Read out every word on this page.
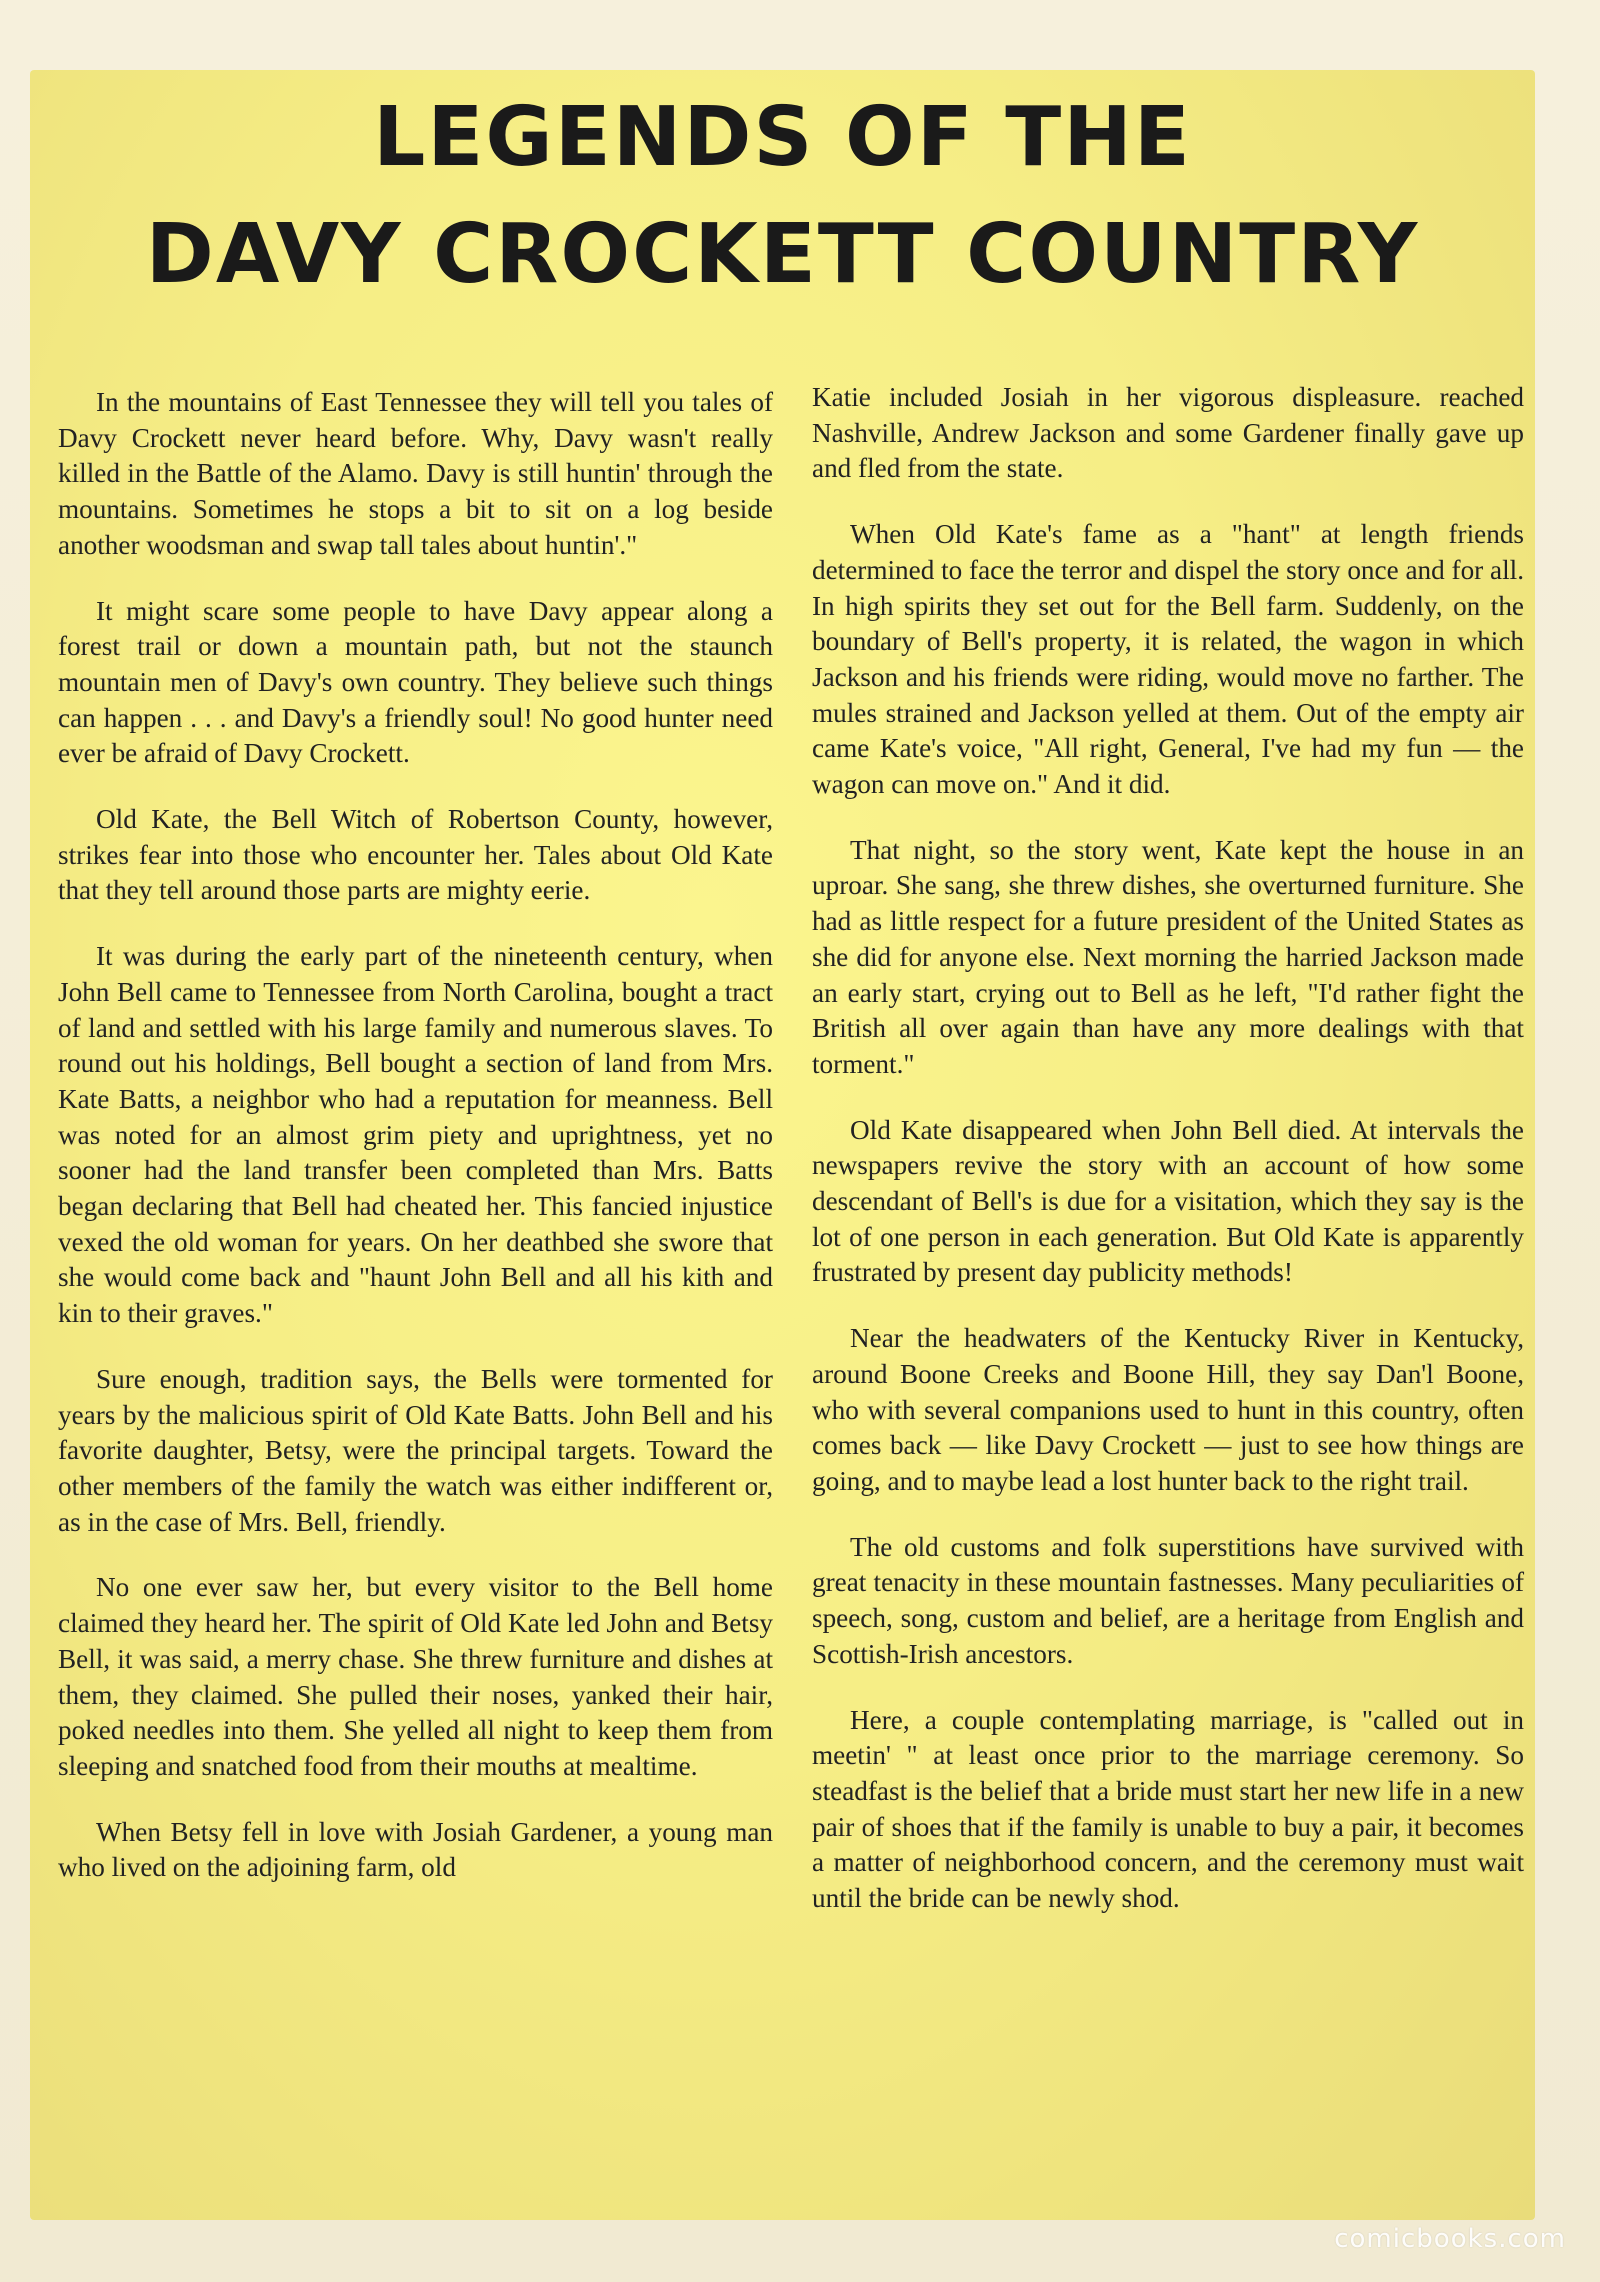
LEGENDS OF THE
DAVY CROCKETT COUNTRY

In the mountains of East Tennessee they will tell you tales of Davy Crockett never heard before. Why, Davy wasn't really killed in the Battle of the Alamo. Davy is still huntin' through the mountains. Sometimes he stops a bit to sit on a log beside another woodsman and swap tall tales about huntin'."

It might scare some people to have Davy appear along a forest trail or down a mountain path, but not the staunch mountain men of Davy's own country. They believe such things can happen . . . and Davy's a friendly soul! No good hunter need ever be afraid of Davy Crockett.

Old Kate, the Bell Witch of Robertson County, however, strikes fear into those who encounter her. Tales about Old Kate that they tell around those parts are mighty eerie.

It was during the early part of the nineteenth century, when John Bell came to Tennessee from North Carolina, bought a tract of land and settled with his large family and numerous slaves. To round out his holdings, Bell bought a section of land from Mrs. Kate Batts, a neighbor who had a reputation for meanness. Bell was noted for an almost grim piety and uprightness, yet no sooner had the land transfer been completed than Mrs. Batts began declaring that Bell had cheated her. This fancied injustice vexed the old woman for years. On her deathbed she swore that she would come back and "haunt John Bell and all his kith and kin to their graves."

Sure enough, tradition says, the Bells were tormented for years by the malicious spirit of Old Kate Batts. John Bell and his favorite daughter, Betsy, were the principal targets. Toward the other members of the family the watch was either indifferent or, as in the case of Mrs. Bell, friendly.

No one ever saw her, but every visitor to the Bell home claimed they heard her. The spirit of Old Kate led John and Betsy Bell, it was said, a merry chase. She threw furniture and dishes at them, they claimed. She pulled their noses, yanked their hair, poked needles into them. She yelled all night to keep them from sleeping and snatched food from their mouths at mealtime.

When Betsy fell in love with Josiah Gardener, a young man who lived on the adjoining farm, old

Katie included Josiah in her vigorous displeasure. reached Nashville, Andrew Jackson and some Gardener finally gave up and fled from the state.

When Old Kate's fame as a "hant" at length friends determined to face the terror and dispel the story once and for all. In high spirits they set out for the Bell farm. Suddenly, on the boundary of Bell's property, it is related, the wagon in which Jackson and his friends were riding, would move no farther. The mules strained and Jackson yelled at them. Out of the empty air came Kate's voice, "All right, General, I've had my fun — the wagon can move on." And it did.

That night, so the story went, Kate kept the house in an uproar. She sang, she threw dishes, she overturned furniture. She had as little respect for a future president of the United States as she did for anyone else. Next morning the harried Jackson made an early start, crying out to Bell as he left, "I'd rather fight the British all over again than have any more dealings with that torment."

Old Kate disappeared when John Bell died. At intervals the newspapers revive the story with an account of how some descendant of Bell's is due for a visitation, which they say is the lot of one person in each generation. But Old Kate is apparently frustrated by present day publicity methods!

Near the headwaters of the Kentucky River in Kentucky, around Boone Creeks and Boone Hill, they say Dan'l Boone, who with several companions used to hunt in this country, often comes back — like Davy Crockett — just to see how things are going, and to maybe lead a lost hunter back to the right trail.

The old customs and folk superstitions have survived with great tenacity in these mountain fastnesses. Many peculiarities of speech, song, custom and belief, are a heritage from English and Scottish-Irish ancestors.

Here, a couple contemplating marriage, is "called out in meetin' " at least once prior to the marriage ceremony. So steadfast is the belief that a bride must start her new life in a new pair of shoes that if the family is unable to buy a pair, it becomes a matter of neighborhood concern, and the ceremony must wait until the bride can be newly shod.

comicbooks.com
